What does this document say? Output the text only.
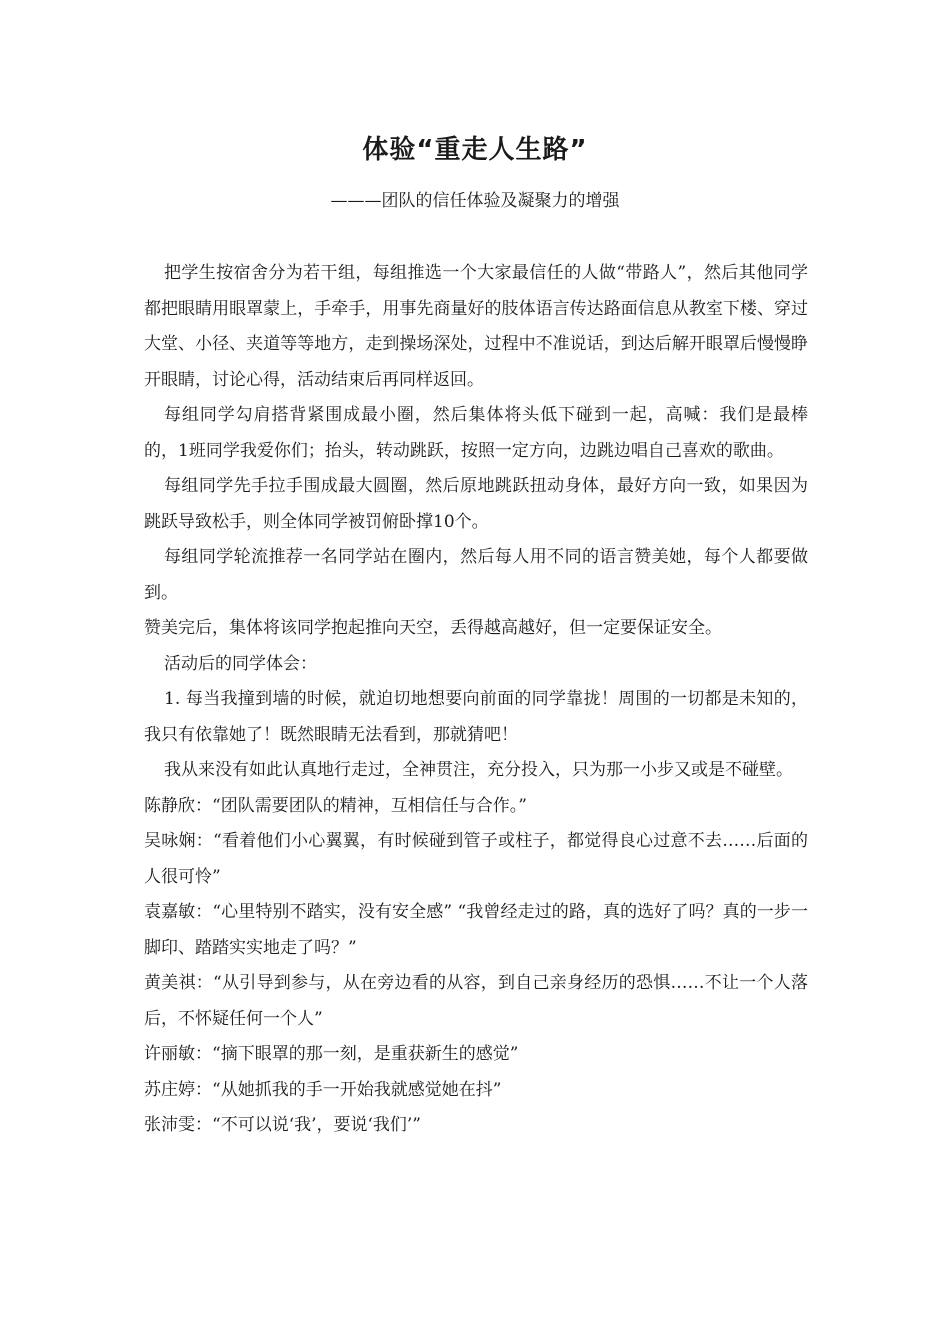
体验“重走人生路”
———团队的信任体验及凝聚力的增强

把学生按宿舍分为若干组，每组推选一个大家最信任的人做“带路人”，然后其他同学都把眼睛用眼罩蒙上，手牵手，用事先商量好的肢体语言传达路面信息从教室下楼、穿过大堂、小径、夹道等等地方，走到操场深处，过程中不准说话，到达后解开眼罩后慢慢睁开眼睛，讨论心得，活动结束后再同样返回。

每组同学勾肩搭背紧围成最小圈，然后集体将头低下碰到一起，高喊：我们是最棒的，1班同学我爱你们；抬头，转动跳跃，按照一定方向，边跳边唱自己喜欢的歌曲。

每组同学先手拉手围成最大圆圈，然后原地跳跃扭动身体，最好方向一致，如果因为跳跃导致松手，则全体同学被罚俯卧撑10个。

每组同学轮流推荐一名同学站在圈内，然后每人用不同的语言赞美她，每个人都要做到。

赞美完后，集体将该同学抱起推向天空，丢得越高越好，但一定要保证安全。

活动后的同学体会：

1. 每当我撞到墙的时候，就迫切地想要向前面的同学靠拢！周围的一切都是未知的，我只有依靠她了！既然眼睛无法看到，那就猜吧！

我从来没有如此认真地行走过，全神贯注，充分投入，只为那一小步又或是不碰壁。

陈静欣：“团队需要团队的精神，互相信任与合作。”

吴咏娴：“看着他们小心翼翼，有时候碰到管子或柱子，都觉得良心过意不去……后面的人很可怜”

袁嘉敏：“心里特别不踏实，没有安全感” “我曾经走过的路，真的选好了吗？真的一步一脚印、踏踏实实地走了吗？”

黄美祺：“从引导到参与，从在旁边看的从容，到自己亲身经历的恐惧……不让一个人落后，不怀疑任何一个人”

许丽敏：“摘下眼罩的那一刻，是重获新生的感觉”

苏庄婷：“从她抓我的手一开始我就感觉她在抖”

张沛雯：“不可以说‘我’，要说‘我们’”
